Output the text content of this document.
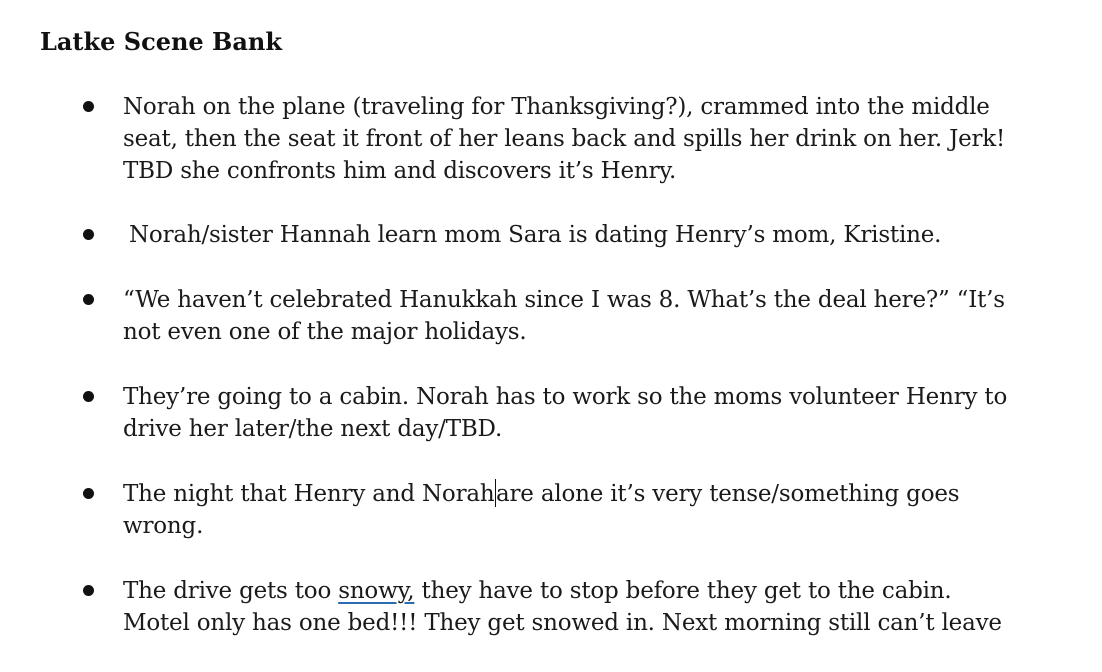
Latke Scene Bank
Norah on the plane (traveling for Thanksgiving?), crammed into the middle seat, then the seat it front of her leans back and spills her drink on her. Jerk! TBD she confronts him and discovers it’s Henry.
Norah/sister Hannah learn mom Sara is dating Henry’s mom, Kristine.
“We haven’t celebrated Hanukkah since I was 8. What’s the deal here?” “It’s not even one of the major holidays.
They’re going to a cabin. Norah has to work so the moms volunteer Henry to drive her later/the next day/TBD.
The night that Henry and Norahare alone it’s very tense/something goes wrong.
The drive gets too snowy, they have to stop before they get to the cabin. Motel only has one bed!!! They get snowed in. Next morning still can’t leave
